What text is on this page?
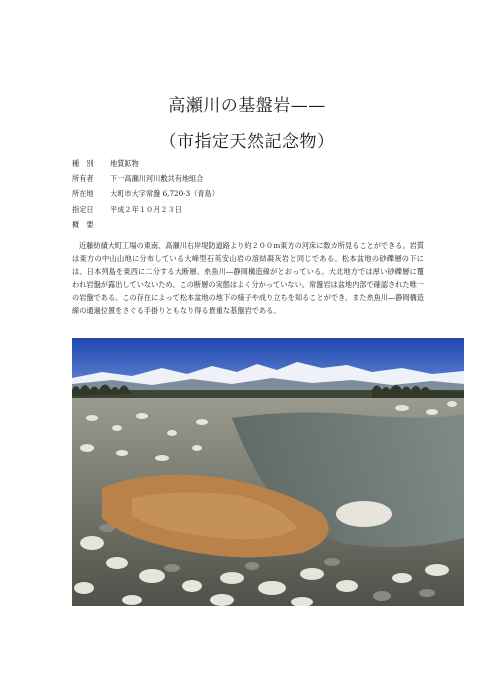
高瀬川の基盤岩——
（市指定天然記念物）
種　別 地質鉱物
所有者 下一高瀬川河川敷共有地組合
所在地 大町市大字常盤 6,720-3（青島）
指定日 平成２年１０月２３日
概　要
近藤紡績大町工場の東南、高瀬川右岸堤防道路より約２００ｍ東方の河床に数カ所見ることができる。岩質は東方の中山山地に分布している大峰型石英安山岩の溶結凝灰岩と同じである。松本盆地の砂礫層の下には、日本列島を東西に二分する大断層、糸魚川―静岡構造線がとおっている。大北地方では厚い砂礫層に覆われ岩盤が露出していないため、この断層の実態はよく分かっていない。常盤岩は盆地内部で確認された唯一の岩盤である。この存在によって松本盆地の地下の様子や成り立ちを知ることができ、また糸魚川―静岡構造線の通過位置をさぐる手掛りともなり得る貴重な基盤岩である。
